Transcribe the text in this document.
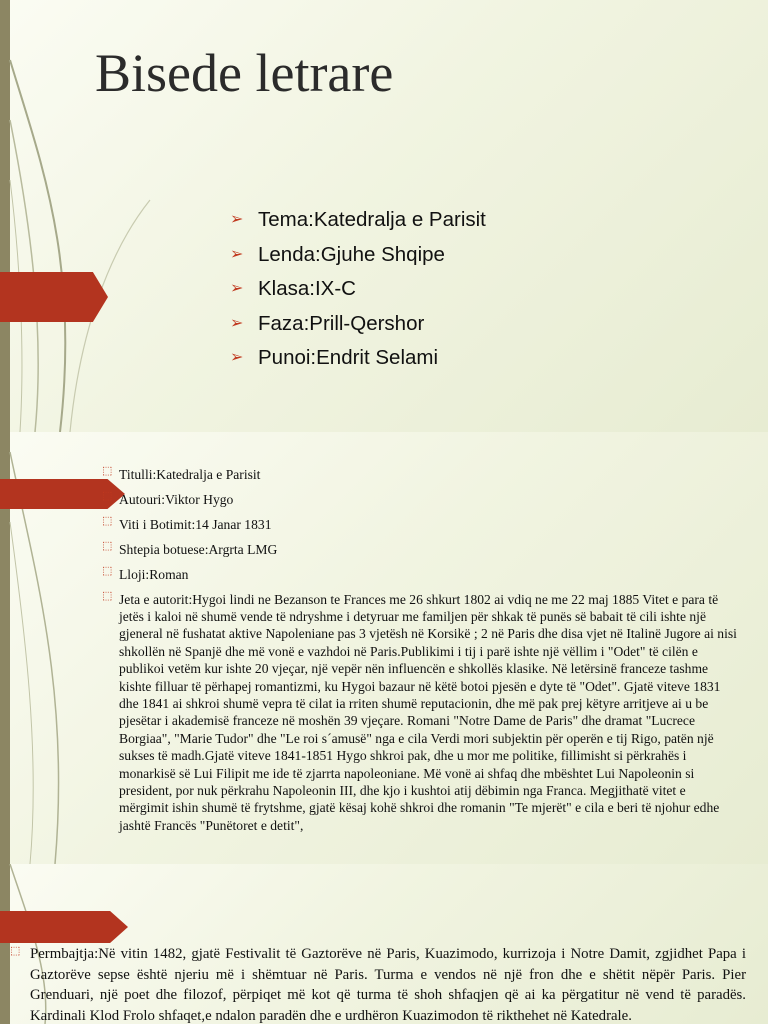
Bisede letrare
➢ Tema:Katedralja e Parisit
➢ Lenda:Gjuhe Shqipe
➢ Klasa:IX-C
➢ Faza:Prill-Qershor
➢ Punoi:Endrit Selami
⬚ Titulli:Katedralja e Parisit
⬚ Autouri:Viktor Hygo
⬚ Viti i Botimit:14 Janar 1831
⬚ Shtepia botuese:Argrta LMG
⬚ Lloji:Roman
⬚ Jeta e autorit:Hygoi lindi ne Bezanson te Frances me 26 shkurt 1802 ai vdiq ne me 22 maj 1885 Vitet e para të jetës i kaloi në shumë vende të ndryshme i detyruar me familjen për shkak të punës së babait të cili ishte një gjeneral në fushatat aktive Napoleniane pas 3 vjetësh në Korsikë ; 2 në Paris dhe disa vjet në Italinë Jugore ai nisi shkollën në Spanjë dhe më vonë e vazhdoi në Paris.Publikimi i tij i parë ishte një vëllim i "Odet" të cilën e publikoi vetëm kur ishte 20 vjeçar, një vepër nën influencën e shkollës klasike. Në letërsinë franceze tashme kishte filluar të përhapej romantizmi, ku Hygoi bazaur në këtë botoi pjesën e dyte të "Odet". Gjatë viteve 1831 dhe 1841 ai shkroi shumë vepra të cilat ia rriten shumë reputacionin, dhe më pak prej këtyre arritjeve ai u be pjesëtar i akademisë franceze në moshën 39 vjeçare. Romani "Notre Dame de Paris" dhe dramat "Lucrece Borgiaa", "Marie Tudor" dhe "Le roi s´amusë" nga e cila Verdi mori subjektin për operën e tij Rigo, patën një sukses të madh.Gjatë viteve 1841-1851 Hygo shkroi pak, dhe u mor me politike, fillimisht si përkrahës i monarkisë së Lui Filipit me ide të zjarrta napoleoniane. Më vonë ai shfaq dhe mbështet Lui Napoleonin si president, por nuk përkrahu Napoleonin III, dhe kjo i kushtoi atij dëbimin nga Franca. Megjithatë vitet e mërgimit ishin shumë të frytshme, gjatë kësaj kohë shkroi dhe romanin "Te mjerët" e cila e beri të njohur edhe jashtë Francës "Punëtoret e detit",

⬚ Permbajtja:Në vitin 1482, gjatë Festivalit të Gaztorëve në Paris, Kuazimodo, kurrizoja i Notre Damit, zgjidhet Papa i Gaztorëve sepse është njeriu më i shëmtuar në Paris. Turma e vendos në një fron dhe e shëtit nëpër Paris. Pier Grenduari, një poet dhe filozof, përpiqet më kot që turma të shoh shfaqjen që ai ka përgatitur në vend të paradës. Kardinali Klod Frolo shfaqet,e ndalon paradën dhe e urdhëron Kuazimodon të rikthehet në Katedrale.
